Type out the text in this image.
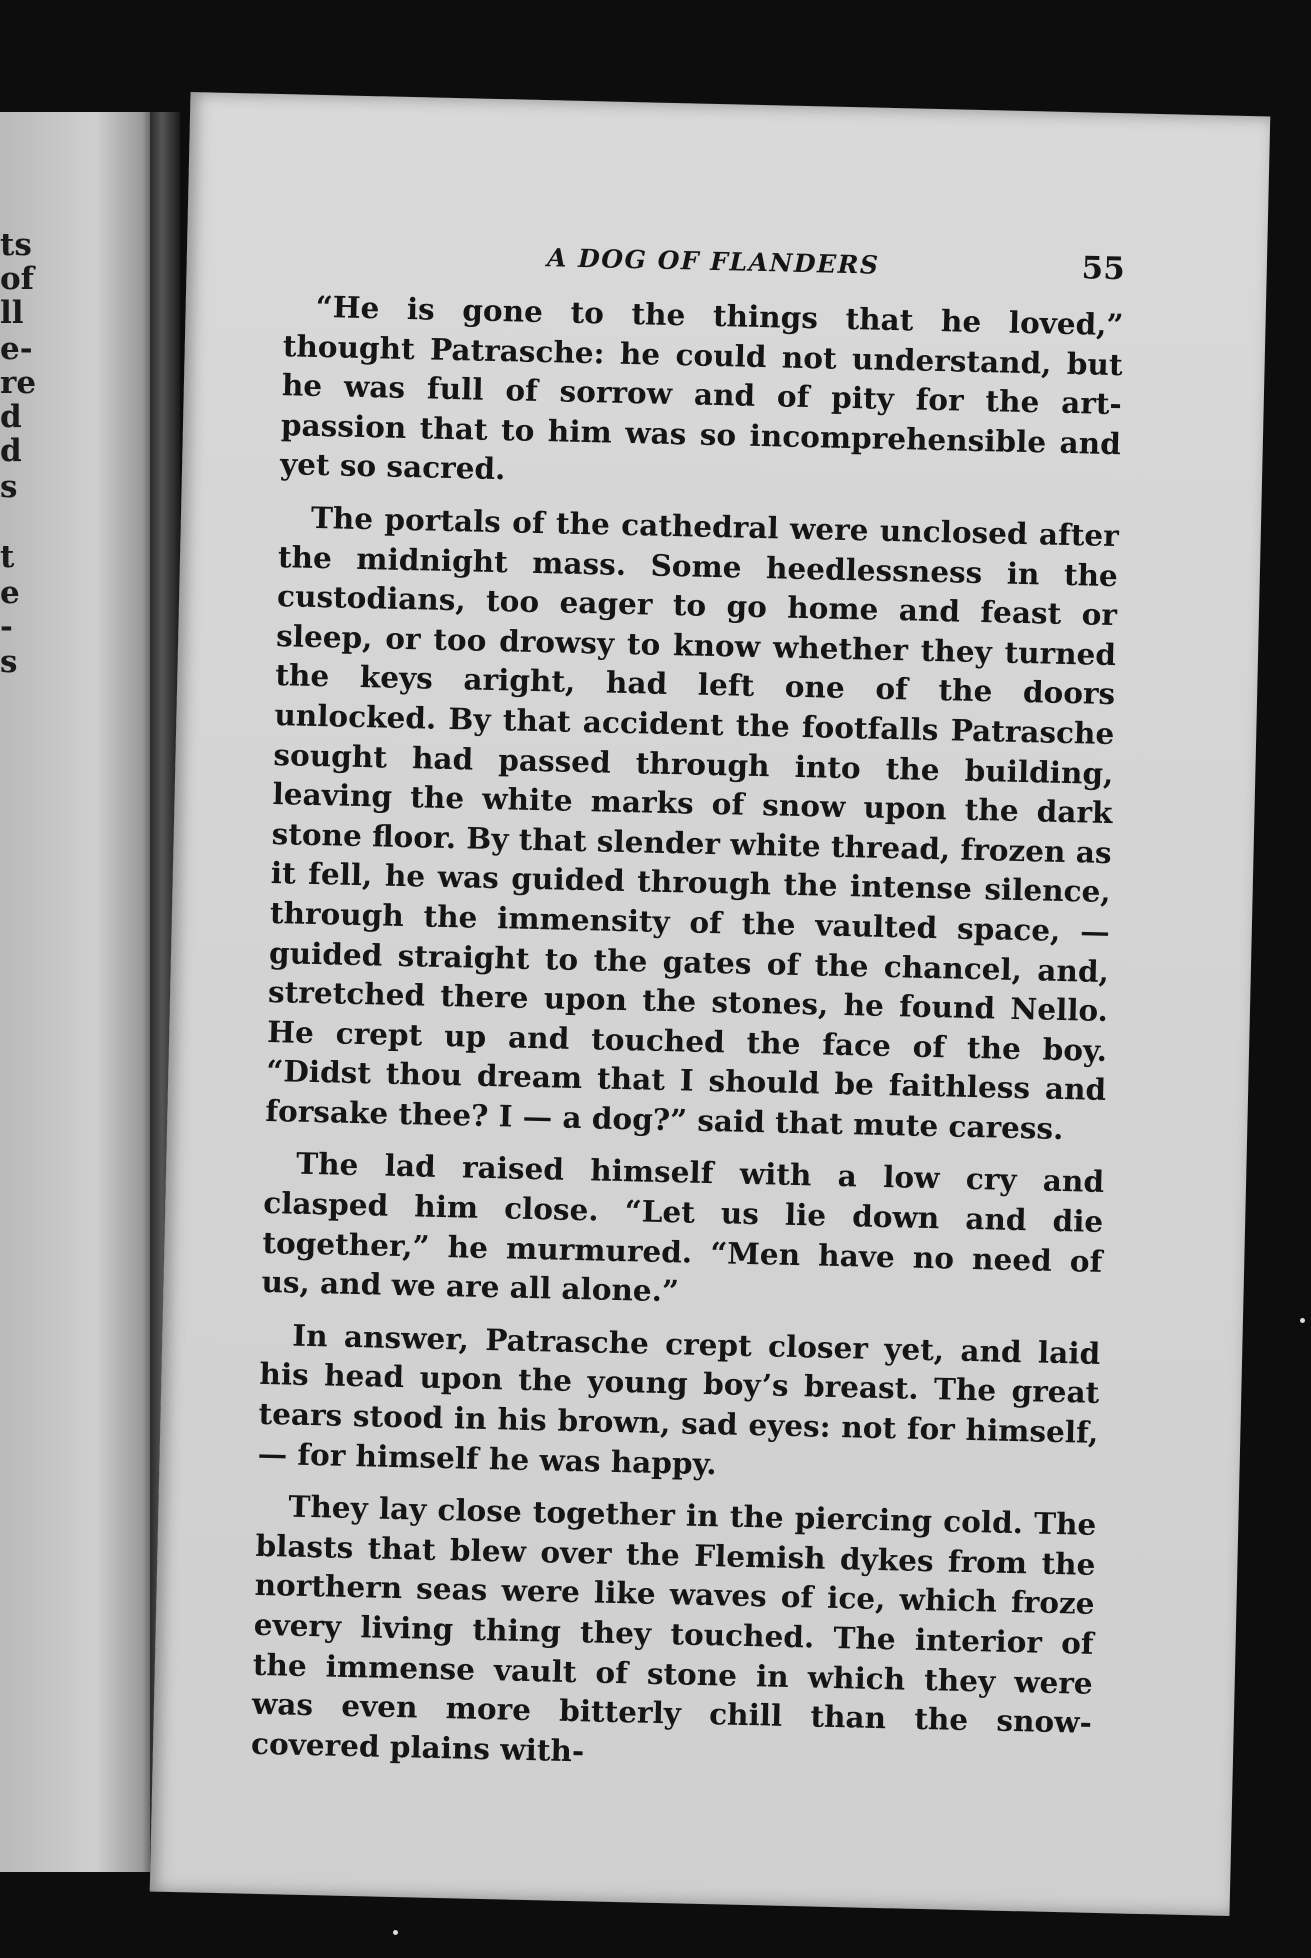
ts
of
ll
e-
re
d
d
s
t
e
-
s
A DOG OF FLANDERS	55

“He is gone to the things that he loved,” thought Patrasche: he could not understand, but he was full of sorrow and of pity for the art-passion that to him was so incomprehensible and yet so sacred.

The portals of the cathedral were unclosed after the midnight mass. Some heedlessness in the custodians, too eager to go home and feast or sleep, or too drowsy to know whether they turned the keys aright, had left one of the doors unlocked. By that accident the footfalls Patrasche sought had passed through into the building, leaving the white marks of snow upon the dark stone floor. By that slender white thread, frozen as it fell, he was guided through the intense silence, through the immensity of the vaulted space, — guided straight to the gates of the chancel, and, stretched there upon the stones, he found Nello. He crept up and touched the face of the boy. “Didst thou dream that I should be faithless and forsake thee? I — a dog?” said that mute caress.

The lad raised himself with a low cry and clasped him close. “Let us lie down and die together,” he murmured. “Men have no need of us, and we are all alone.”

In answer, Patrasche crept closer yet, and laid his head upon the young boy’s breast. The great tears stood in his brown, sad eyes: not for himself, — for himself he was happy.

They lay close together in the piercing cold. The blasts that blew over the Flemish dykes from the northern seas were like waves of ice, which froze every living thing they touched. The interior of the immense vault of stone in which they were was even more bitterly chill than the snow-covered plains with-
